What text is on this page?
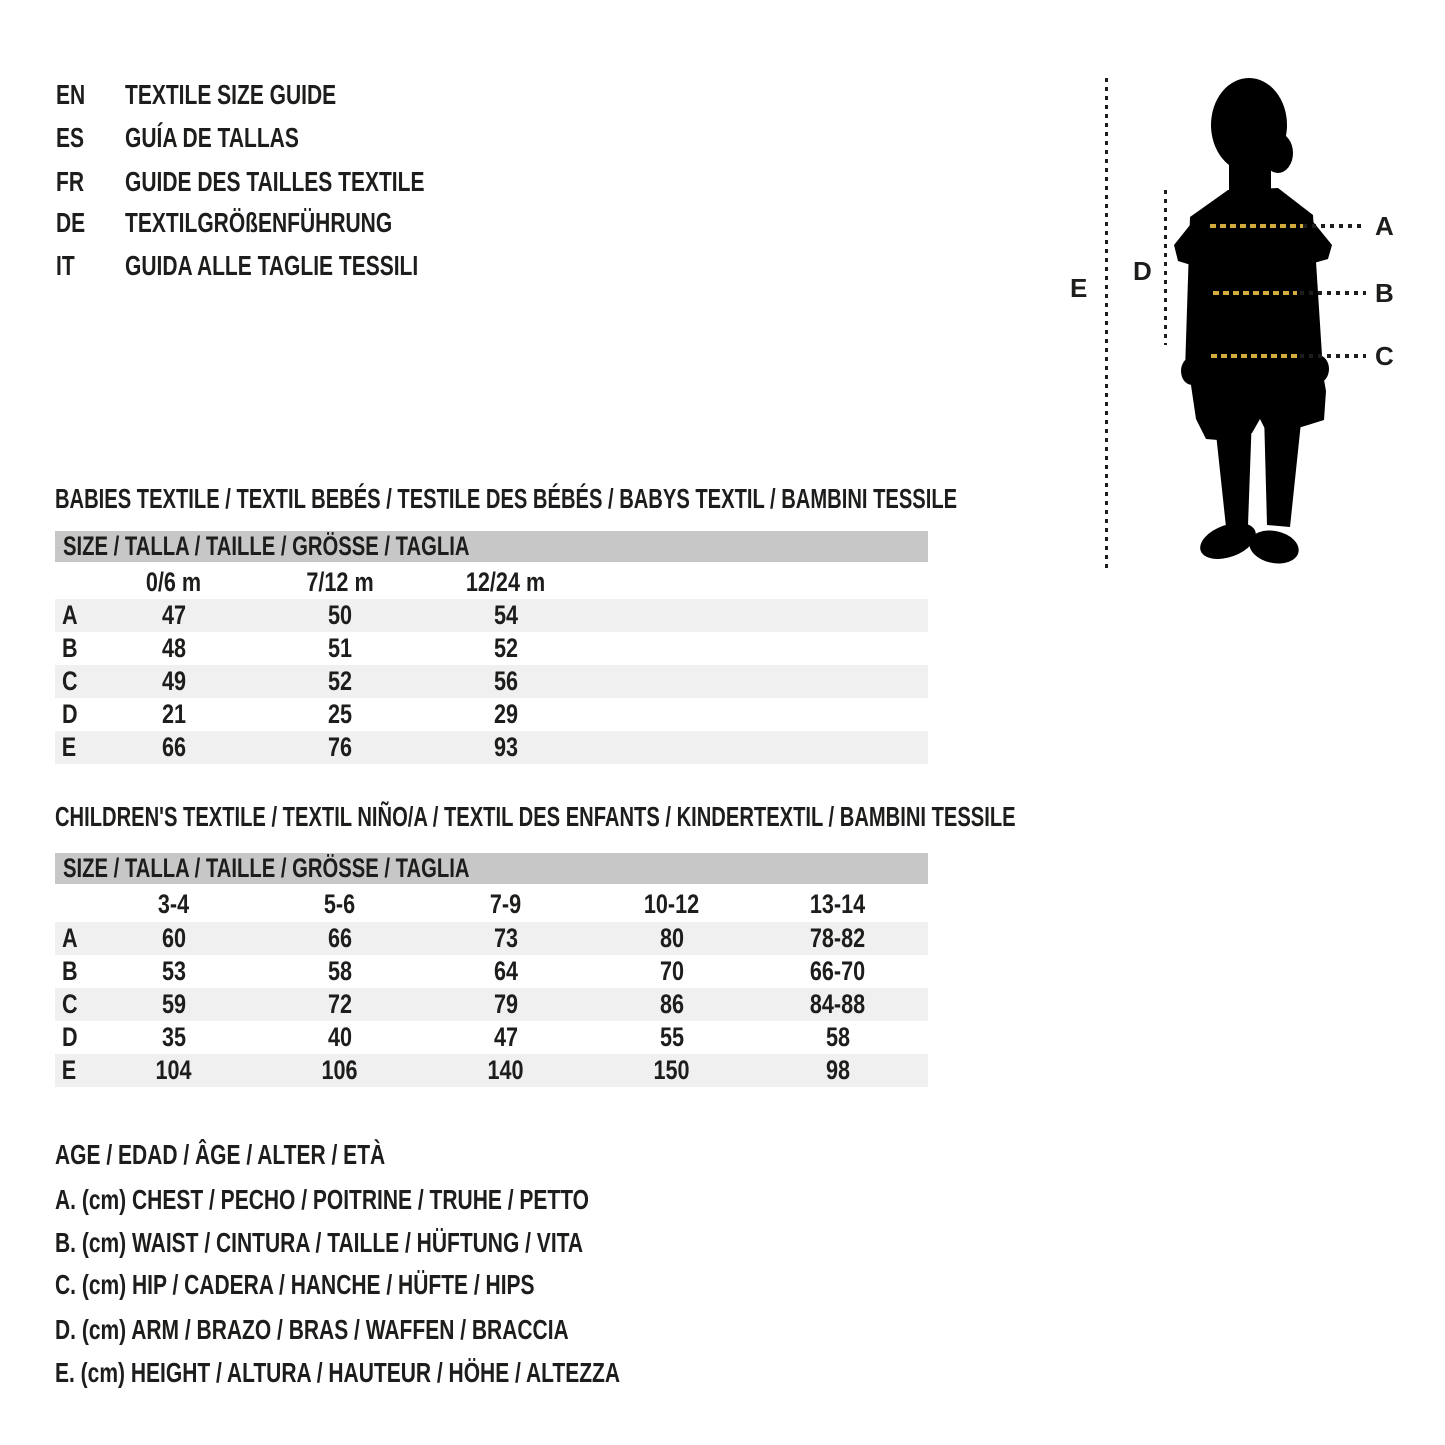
EN	TEXTILE SIZE GUIDE
ES	GUÍA DE TALLAS
FR	GUIDE DES TAILLES TEXTILE
DE	TEXTILGRÖßENFÜHRUNG
IT GUIDA ALLE TAGLIE TESSILI
A
B
C
D
E
BABIES TEXTILE / TEXTIL BEBÉS / TESTILE DES BÉBÉS / BABYS TEXTIL / BAMBINI TESSILE
SIZE / TALLA / TAILLE / GRÖSSE / TAGLIA
0/6 m	7/12 m	12/24 m
A	47	50	54
B	48	51	52
C	49	52	56
D	21	25	29
E	66	76	93
CHILDREN'S TEXTILE / TEXTIL NIÑO/A / TEXTIL DES ENFANTS / KINDERTEXTIL / BAMBINI TESSILE
SIZE / TALLA / TAILLE / GRÖSSE / TAGLIA
3-4	5-6	7-9	10-12	13-14
A	60	66	73	80	78-82
B	53	58	64	70	66-70
C	59	72	79	86	84-88
D	35	40	47	55	58
E	104	106	140	150	98
AGE / EDAD / ÂGE / ALTER / ETÀ
A. (cm) CHEST / PECHO / POITRINE / TRUHE / PETTO
B. (cm) WAIST / CINTURA / TAILLE / HÜFTUNG / VITA
C. (cm) HIP / CADERA / HANCHE / HÜFTE / HIPS
D. (cm) ARM / BRAZO / BRAS / WAFFEN / BRACCIA
E. (cm) HEIGHT / ALTURA / HAUTEUR / HÖHE / ALTEZZA
